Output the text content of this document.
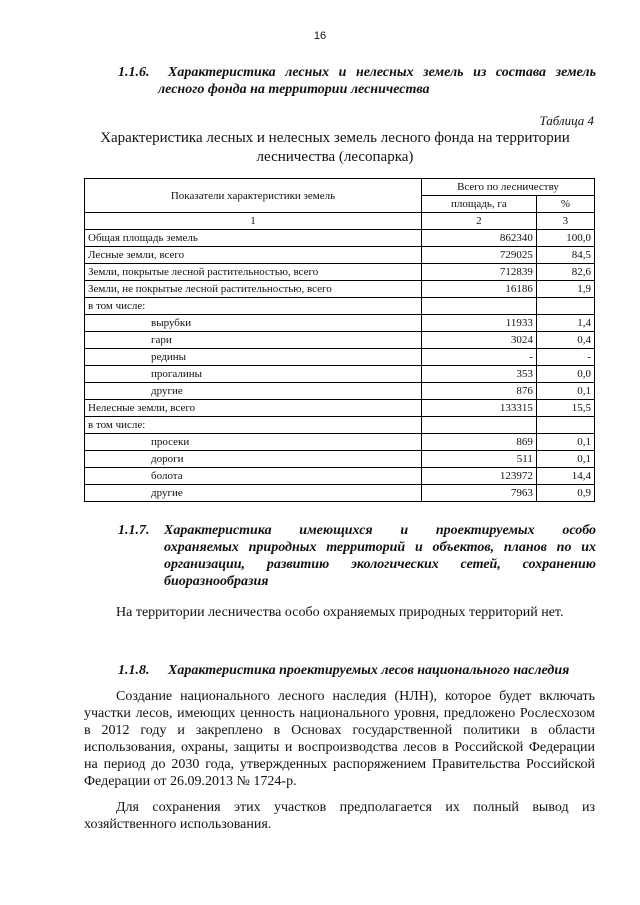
16
1.1.6. Характеристика лесных и нелесных земель из состава земель
лесного фонда на территории лесничества
Таблица 4
Характеристика лесных и нелесных земель лесного фонда на территории лесничества (лесопарка)
Показатели характеристики земель	Всего по лесничеству	
	площадь, га	%
1	2	3
Общая площадь земель	862340	100,0
Лесные земли, всего	729025	84,5
Земли, покрытые лесной растительностью, всего	712839	82,6
Земли, не покрытые лесной растительностью, всего	16186	1,9
в том числе:		
вырубки	11933	1,4
гари	3024	0,4
редины	-	-
прогалины	353	0,0
другие	876	0,1
Нелесные земли, всего	133315	15,5
в том числе:		
просеки	869	0,1
дороги	511	0,1
болота	123972	14,4
другие	7963	0,9
1.1.7. Характеристика имеющихся и проектируемых особо
охраняемых природных территорий и объектов, планов по их
организации, развитию экологических сетей, сохранению
биоразнообразия
На территории лесничества особо охраняемых природных территорий нет.
1.1.8. Характеристика проектируемых лесов национального наследия
Создание национального лесного наследия (НЛН), которое будет включать участки лесов, имеющих ценность национального уровня, предложено Рослесхозом в 2012 году и закреплено в Основах государственной политики в области использования, охраны, защиты и воспроизводства лесов в Российской Федерации на период до 2030 года, утвержденных распоряжением Правительства Российской Федерации от 26.09.2013 № 1724-р.
Для сохранения этих участков предполагается их полный вывод из хозяйственного использования.
